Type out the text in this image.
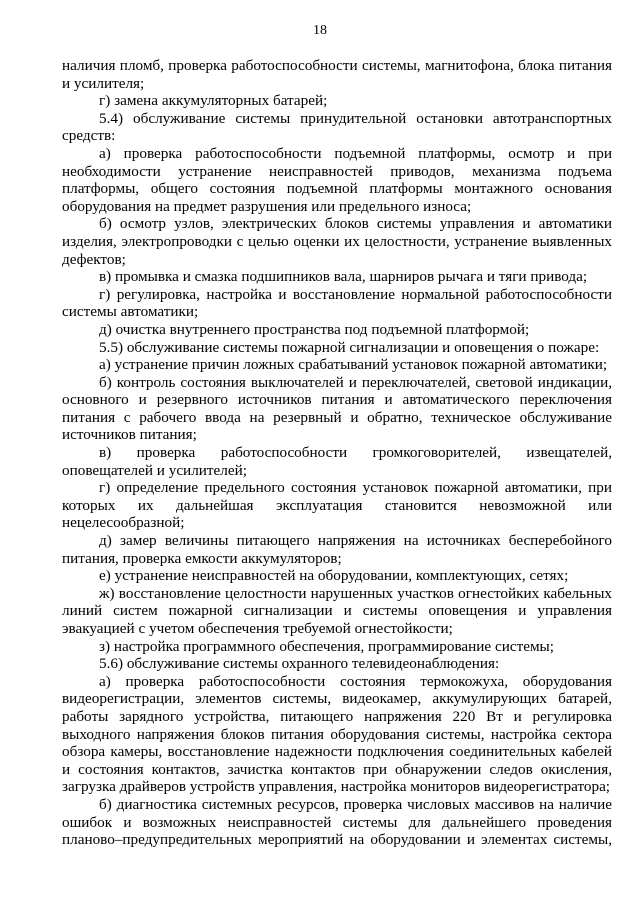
18

наличия пломб, проверка работоспособности системы, магнитофона, блока питания и усилителя;

г) замена аккумуляторных батарей;

5.4) обслуживание системы принудительной остановки автотранспортных средств:

а) проверка работоспособности подъемной платформы, осмотр и при необходимости устранение неисправностей приводов, механизма подъема платформы, общего состояния подъемной платформы монтажного основания оборудования на предмет разрушения или предельного износа;

б) осмотр узлов, электрических блоков системы управления и автоматики изделия, электропроводки с целью оценки их целостности, устранение выявленных дефектов;

в) промывка и смазка подшипников вала, шарниров рычага и тяги привода;

г) регулировка, настройка и восстановление нормальной работоспособности системы автоматики;

д) очистка внутреннего пространства под подъемной платформой;

5.5) обслуживание системы пожарной сигнализации и оповещения о пожаре:

а) устранение причин ложных срабатываний установок пожарной автоматики;

б) контроль состояния выключателей и переключателей, световой индикации, основного и резервного источников питания и автоматического переключения питания с рабочего ввода на резервный и обратно, техническое обслуживание источников питания;

в) проверка работоспособности громкоговорителей, извещателей, оповещателей и усилителей;

г) определение предельного состояния установок пожарной автоматики, при которых их дальнейшая эксплуатация становится невозможной или нецелесообразной;

д) замер величины питающего напряжения на источниках бесперебойного питания, проверка емкости аккумуляторов;

е) устранение неисправностей на оборудовании, комплектующих, сетях;

ж) восстановление целостности нарушенных участков огнестойких кабельных линий систем пожарной сигнализации и системы оповещения и управления эвакуацией с учетом обеспечения требуемой огнестойкости;

з) настройка программного обеспечения, программирование системы;

5.6) обслуживание системы охранного телевидеонаблюдения:

а) проверка работоспособности состояния термокожуха, оборудования видеорегистрации, элементов системы, видеокамер, аккумулирующих батарей, работы зарядного устройства, питающего напряжения 220 Вт и регулировка выходного напряжения блоков питания оборудования системы, настройка сектора обзора камеры, восстановление надежности подключения соединительных кабелей и состояния контактов, зачистка контактов при обнаружении следов окисления, загрузка драйверов устройств управления, настройка мониторов видеорегистратора;

б) диагностика системных ресурсов, проверка числовых массивов на наличие ошибок и возможных неисправностей системы для дальнейшего проведения планово–предупредительных мероприятий на оборудовании и элементах системы,
